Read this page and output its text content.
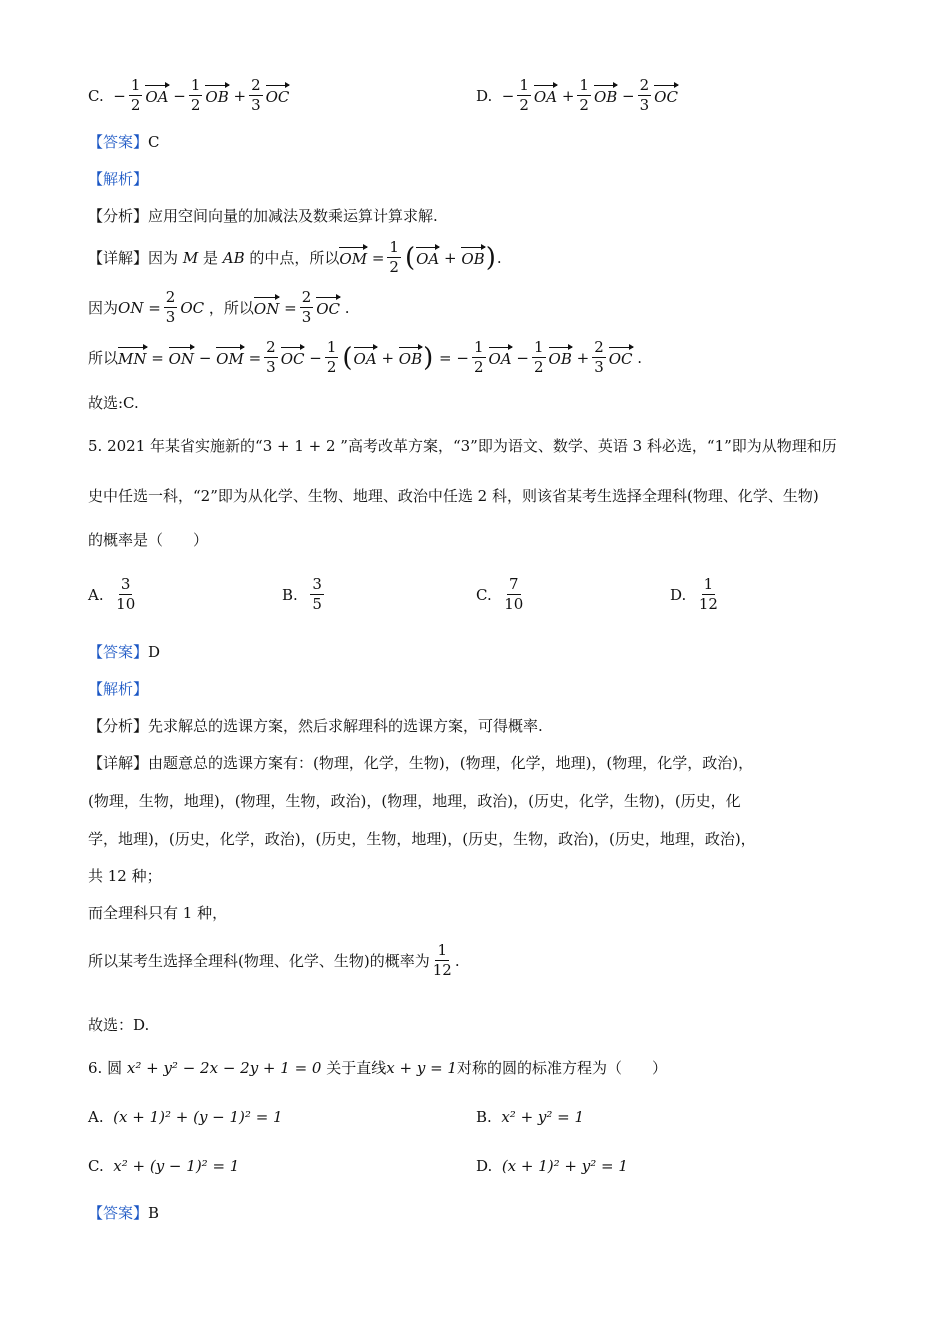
C. − $\frac{1}{2}$ OA − $\frac{1}{2}$ OB + $\frac{2}{3}$ OC	D. − $\frac{1}{2}$ OA + $\frac{1}{2}$ OB − $\frac{2}{3}$ OC
【答案】C
【解析】
【分析】应用空间向量的加减法及数乘运算计算求解.
【详解】 因为
M
是
AB
的中点，所以 OM = $\frac{1}{2}$ ( OA + OB ) .
因为 ON = $\frac{2}{3}$ OC
，所以 ON = $\frac{2}{3}$ OC .
所以 MN = ON − OM = $\frac{2}{3}$ OC − $\frac{1}{2}$ ( OA + OB ) = − $\frac{1}{2}$ OA − $\frac{1}{2}$ OB + $\frac{2}{3}$ OC .
故选:C.
5. 2021 年某省实施新的“3 + 1 + 2 ”高考改革方案，“3”即为语文、数学、英语 3 科必选，“1”即为从物理和历
史中任选一科，“2”即为从化学、生物、地理、政治中任选 2 科，则该省某考生选择全理科(物理、化学、生物)
的概率是（　　）
A.
$\frac{3}{10}$	B.
$\frac{3}{5}$	C.
$\frac{7}{10}$	D.
$\frac{1}{12}$
【答案】D
【解析】
【分析】先求解总的选课方案，然后求解理科的选课方案，可得概率.
【详解】由题意总的选课方案有：(物理，化学，生物)，(物理，化学，地理)，(物理，化学，政治)，
(物理，生物，地理)，(物理，生物，政治)，(物理，地理，政治)，(历史，化学，生物)，(历史，化
学，地理)，(历史，化学，政治)，(历史，生物，地理)，(历史，生物，政治)，(历史，地理，政治)，
共 12 种；
而全理科只有 1 种，
所以某考生选择全理科(物理、化学、生物)的概率为 $\frac{1}{12}$ .
故选：D.
6. 圆 x² + y² − 2x − 2y + 1 = 0 关于直线x + y = 1对称的圆的标准方程为（　　）
A.
(x + 1)² + (y − 1)² = 1	B.
x² + y² = 1
C.
x² + (y − 1)² = 1	D.
(x + 1)² + y² = 1
【答案】B
